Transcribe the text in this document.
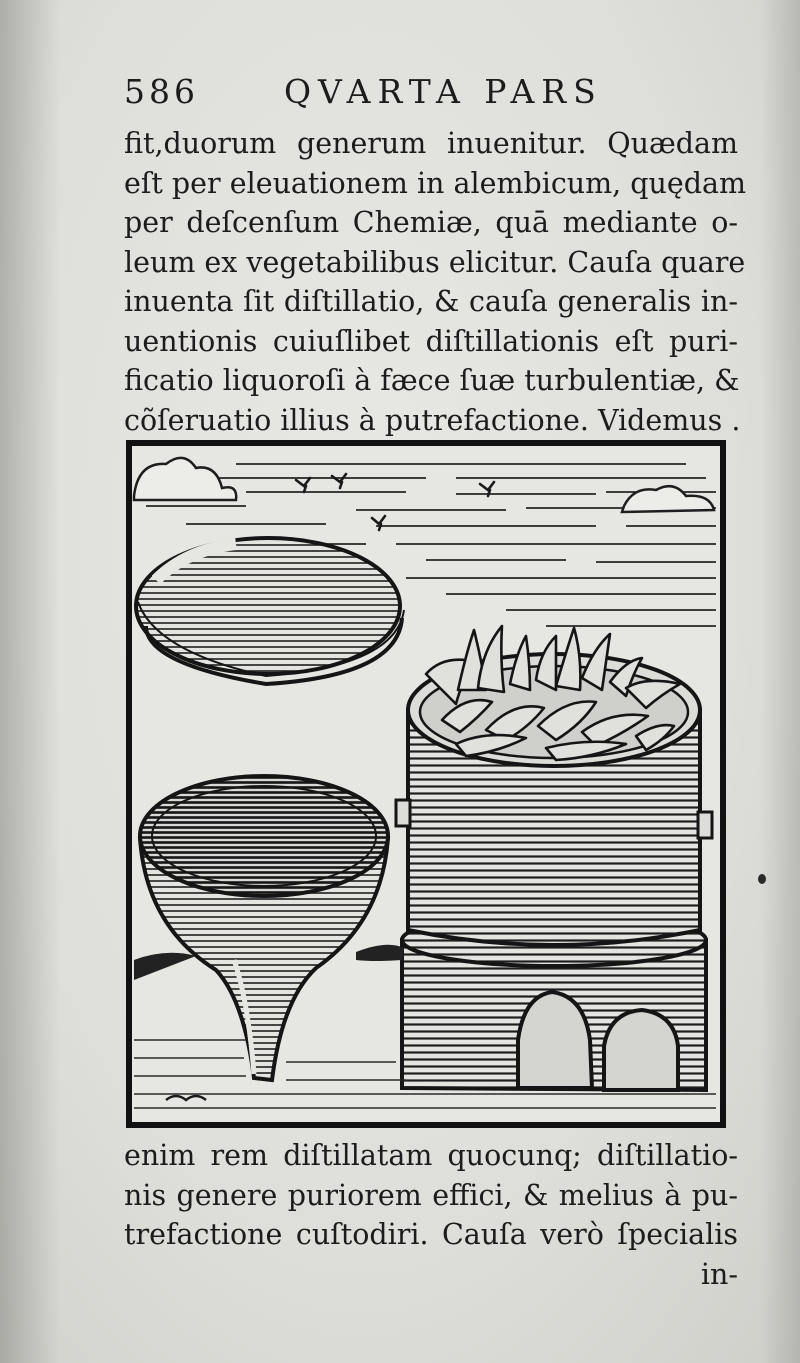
586	QVARTA PARS
fit,duorum generum inuenitur. Quædam
eſt per eleuationem in alembicum, quędam
per deſcenſum Chemiæ, quā mediante o-
leum ex vegetabilibus elicitur. Cauſa quare
inuenta ſit diſtillatio, & cauſa generalis in-
uentionis cuiuſlibet diſtillationis eſt puri-
ficatio liquoroſi à fæce ſuæ turbulentiæ, &
cõſeruatio illius à putrefactione. Videmus .
enim rem diſtillatam quocunq; diſtillatio-
nis genere puriorem effici, & melius à pu-
trefactione cuſtodiri. Cauſa verò ſpecialis
in-
